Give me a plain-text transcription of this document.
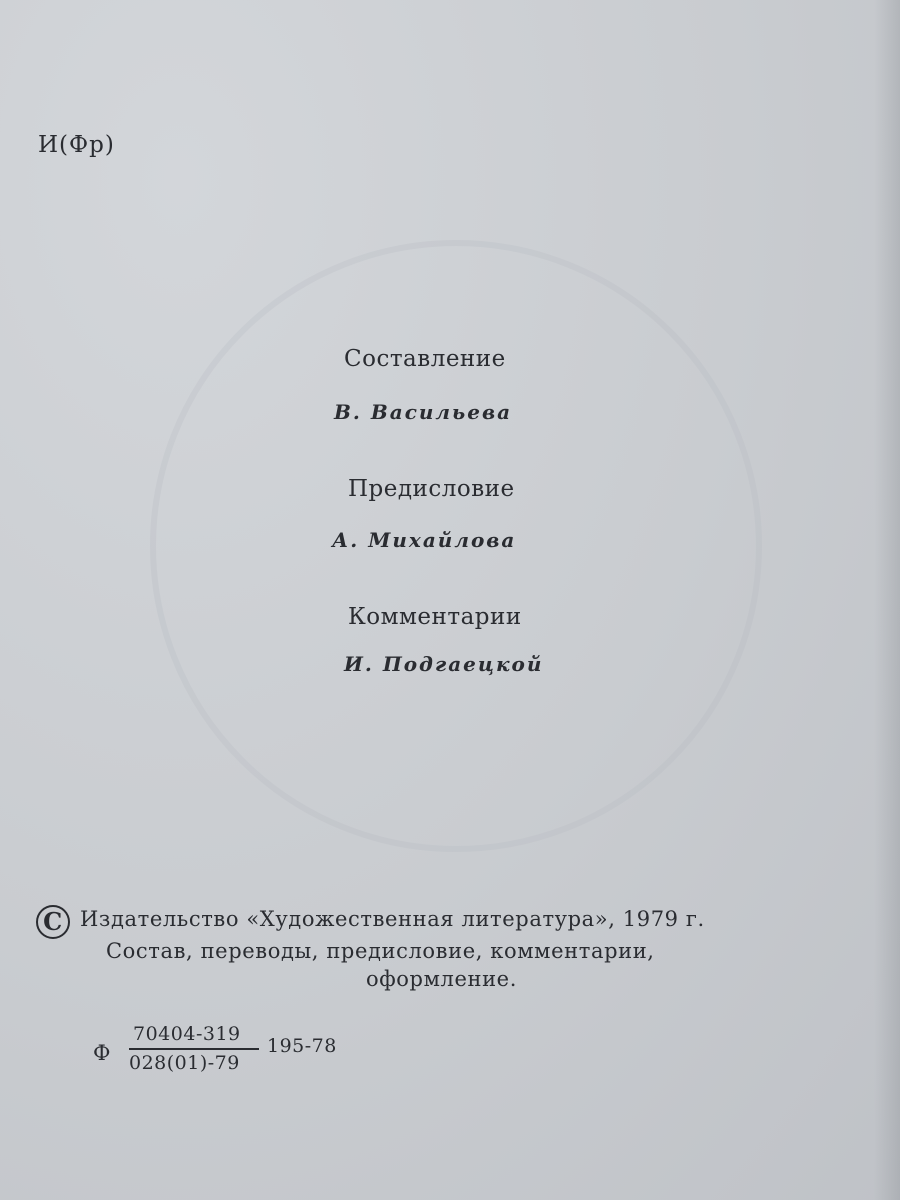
И(Фр)
Составление
В. Васильева
Предисловие
А. Михайлова
Комментарии
И. Подгаецкой
С Издательство «Художественная литература», 1979 г.
Состав, переводы, предисловие, комментарии,
оформление.
Ф
70404-319
028(01)-79
195-78
